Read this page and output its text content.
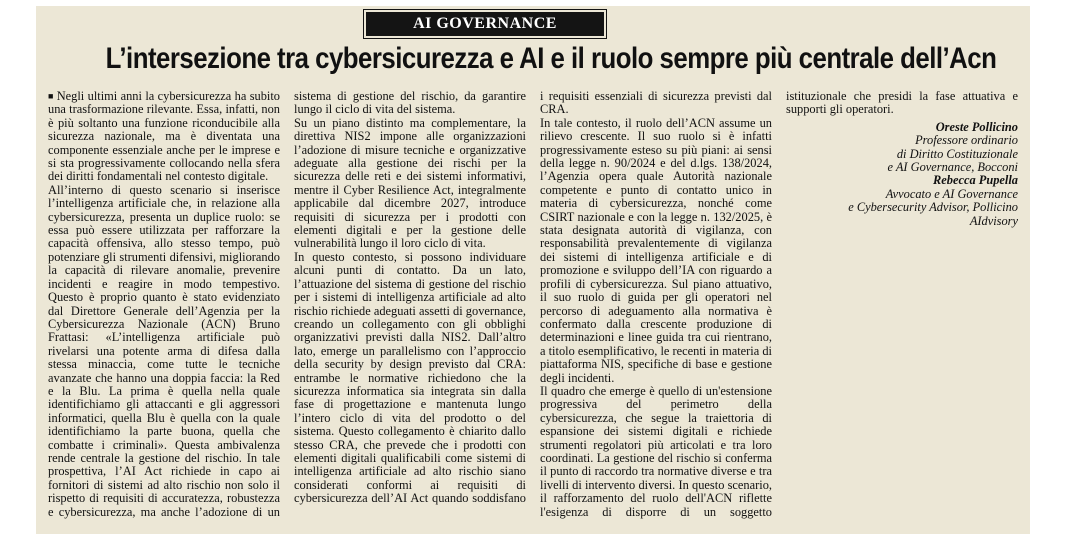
AI GOVERNANCE
L’intersezione tra cybersicurezza e AI e il ruolo sempre più centrale dell’Acn

■ Negli ultimi anni la cybersicurezza ha subito una trasformazione rilevante. Essa, infatti, non è più soltanto una funzione riconducibile alla sicurezza nazionale, ma è diventata una componente essenziale anche per le imprese e si sta progressivamente collocando nella sfera dei diritti fondamentali nel contesto digitale.

All’interno di questo scenario si inserisce l’intelligenza artificiale che, in relazione alla cybersicurezza, presenta un duplice ruolo: se essa può essere utilizzata per rafforzare la capacità offensiva, allo stesso tempo, può potenziare gli strumenti difensivi, migliorando la capacità di rilevare anomalie, prevenire incidenti e reagire in modo tempestivo. Questo è proprio quanto è stato evidenziato dal Direttore Generale dell’Agenzia per la Cybersicurezza Nazionale (ACN) Bruno Frattasi: «L’intelligenza artificiale può rivelarsi una potente arma di difesa dalla stessa minaccia, come tutte le tecniche avanzate che hanno una doppia faccia: la Red e la Blu. La prima è quella nella quale identifichiamo gli attaccanti e gli aggressori informatici, quella Blu è quella con la quale identifichiamo la parte buona, quella che combatte i criminali». Questa ambivalenza rende centrale la gestione del rischio. In tale prospettiva, l’AI Act richiede in capo ai fornitori di sistemi ad alto rischio non solo il rispetto di requisiti di accuratezza, robustezza e cybersicurezza, ma anche l’adozione di un sistema di gestione del rischio, da garantire lungo il ciclo di vita del sistema.

Su un piano distinto ma complementare, la direttiva NIS2 impone alle organizzazioni l’adozione di misure tecniche e organizzative adeguate alla gestione dei rischi per la sicurezza delle reti e dei sistemi informativi, mentre il Cyber Resilience Act, integralmente applicabile dal dicembre 2027, introduce requisiti di sicurezza per i prodotti con elementi digitali e per la gestione delle vulnerabilità lungo il loro ciclo di vita.

In questo contesto, si possono individuare alcuni punti di contatto. Da un lato, l’attuazione del sistema di gestione del rischio per i sistemi di intelligenza artificiale ad alto rischio richiede adeguati assetti di governance, creando un collegamento con gli obblighi organizzativi previsti dalla NIS2. Dall’altro lato, emerge un parallelismo con l’approccio della security by design previsto dal CRA: entrambe le normative richiedono che la sicurezza informatica sia integrata sin dalla fase di progettazione e mantenuta lungo l’intero ciclo di vita del prodotto o del sistema. Questo collegamento è chiarito dallo stesso CRA, che prevede che i prodotti con elementi digitali qualificabili come sistemi di intelligenza artificiale ad alto rischio siano considerati conformi ai requisiti di cybersicurezza dell’AI Act quando soddisfano i requisiti essenziali di sicurezza previsti dal CRA.

In tale contesto, il ruolo dell’ACN assume un rilievo crescente. Il suo ruolo si è infatti progressivamente esteso su più piani: ai sensi della legge n. 90/2024 e del d.lgs. 138/2024, l’Agenzia opera quale Autorità nazionale competente e punto di contatto unico in materia di cybersicurezza, nonché come CSIRT nazionale e con la legge n. 132/2025, è stata designata autorità di vigilanza, con responsabilità prevalentemente di vigilanza dei sistemi di intelligenza artificiale e di promozione e sviluppo dell’IA con riguardo a profili di cybersicurezza. Sul piano attuativo, il suo ruolo di guida per gli operatori nel percorso di adeguamento alla normativa è confermato dalla crescente produzione di determinazioni e linee guida tra cui rientrano, a titolo esemplificativo, le recenti in materia di piattaforma NIS, specifiche di base e gestione degli incidenti.

Il quadro che emerge è quello di un'estensione progressiva del perimetro della cybersicurezza, che segue la traiettoria di espansione dei sistemi digitali e richiede strumenti regolatori più articolati e tra loro coordinati. La gestione del rischio si conferma il punto di raccordo tra normative diverse e tra livelli di intervento diversi. In questo scenario, il rafforzamento del ruolo dell'ACN riflette l'esigenza di disporre di un soggetto istituzionale che presidi la fase attuativa e supporti gli operatori.

Oreste Pollicino
Professore ordinario
di Diritto Costituzionale
e AI Governance, Bocconi
Rebecca Pupella
Avvocato e AI Governance
e Cybersecurity Advisor, Pollicino
AIdvisory
